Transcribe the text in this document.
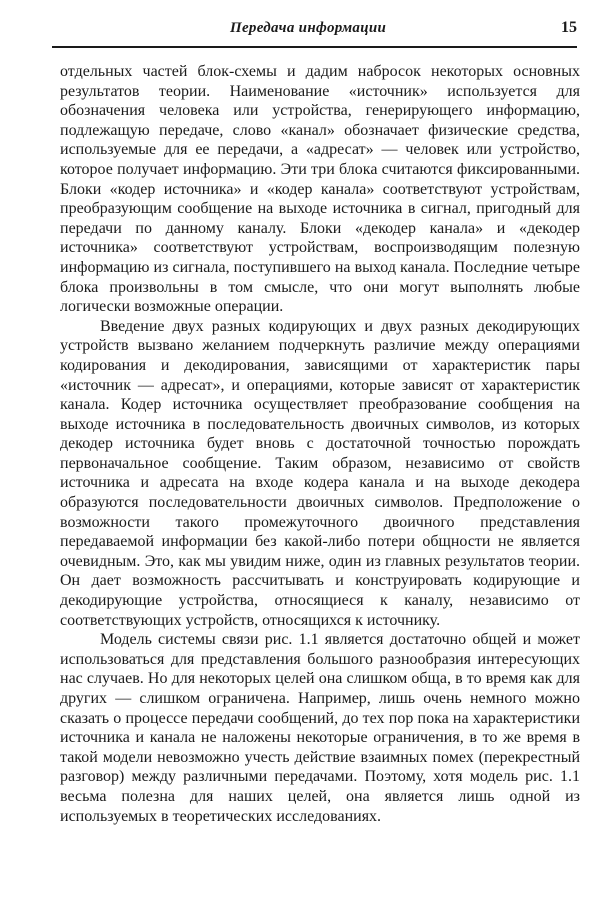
Передача информации	15

отдельных частей блок-схемы и дадим набросок некоторых основных результатов теории. Наименование «источник» используется для обозначения человека или устройства, генерирующего информацию, подлежащую передаче, слово «канал» обозначает физические средства, используемые для ее передачи, а «адресат» — человек или устройство, которое получает информацию. Эти три блока считаются фиксированными. Блоки «кодер источника» и «кодер канала» соответствуют устройствам, преобразующим сообщение на выходе источника в сигнал, пригодный для передачи по данному каналу. Блоки «декодер канала» и «декодер источника» соответствуют устройствам, воспроизводящим полезную информацию из сигнала, поступившего на выход канала. Последние четыре блока произвольны в том смысле, что они могут выполнять любые логически возможные операции.

Введение двух разных кодирующих и двух разных декодирующих устройств вызвано желанием подчеркнуть различие между операциями кодирования и декодирования, зависящими от характеристик пары «источник — адресат», и операциями, которые зависят от характеристик канала. Кодер источника осуществляет преобразование сообщения на выходе источника в последовательность двоичных символов, из которых декодер источника будет вновь с достаточной точностью порождать первоначальное сообщение. Таким образом, независимо от свойств источника и адресата на входе кодера канала и на выходе декодера образуются последовательности двоичных символов. Предположение о возможности такого промежуточного двоичного представления передаваемой информации без какой-либо потери общности не является очевидным. Это, как мы увидим ниже, один из главных результатов теории. Он дает возможность рассчитывать и конструировать кодирующие и декодирующие устройства, относящиеся к каналу, независимо от соответствующих устройств, относящихся к источнику.

Модель системы связи рис. 1.1 является достаточно общей и может использоваться для представления большого разнообразия интересующих нас случаев. Но для некоторых целей она слишком обща, в то время как для других — слишком ограничена. Например, лишь очень немного можно сказать о процессе передачи сообщений, до тех пор пока на характеристики источника и канала не наложены некоторые ограничения, в то же время в такой модели невозможно учесть действие взаимных помех (перекрестный разговор) между различными передачами. Поэтому, хотя модель рис. 1.1 весьма полезна для наших целей, она является лишь одной из используемых в теоретических исследованиях.
